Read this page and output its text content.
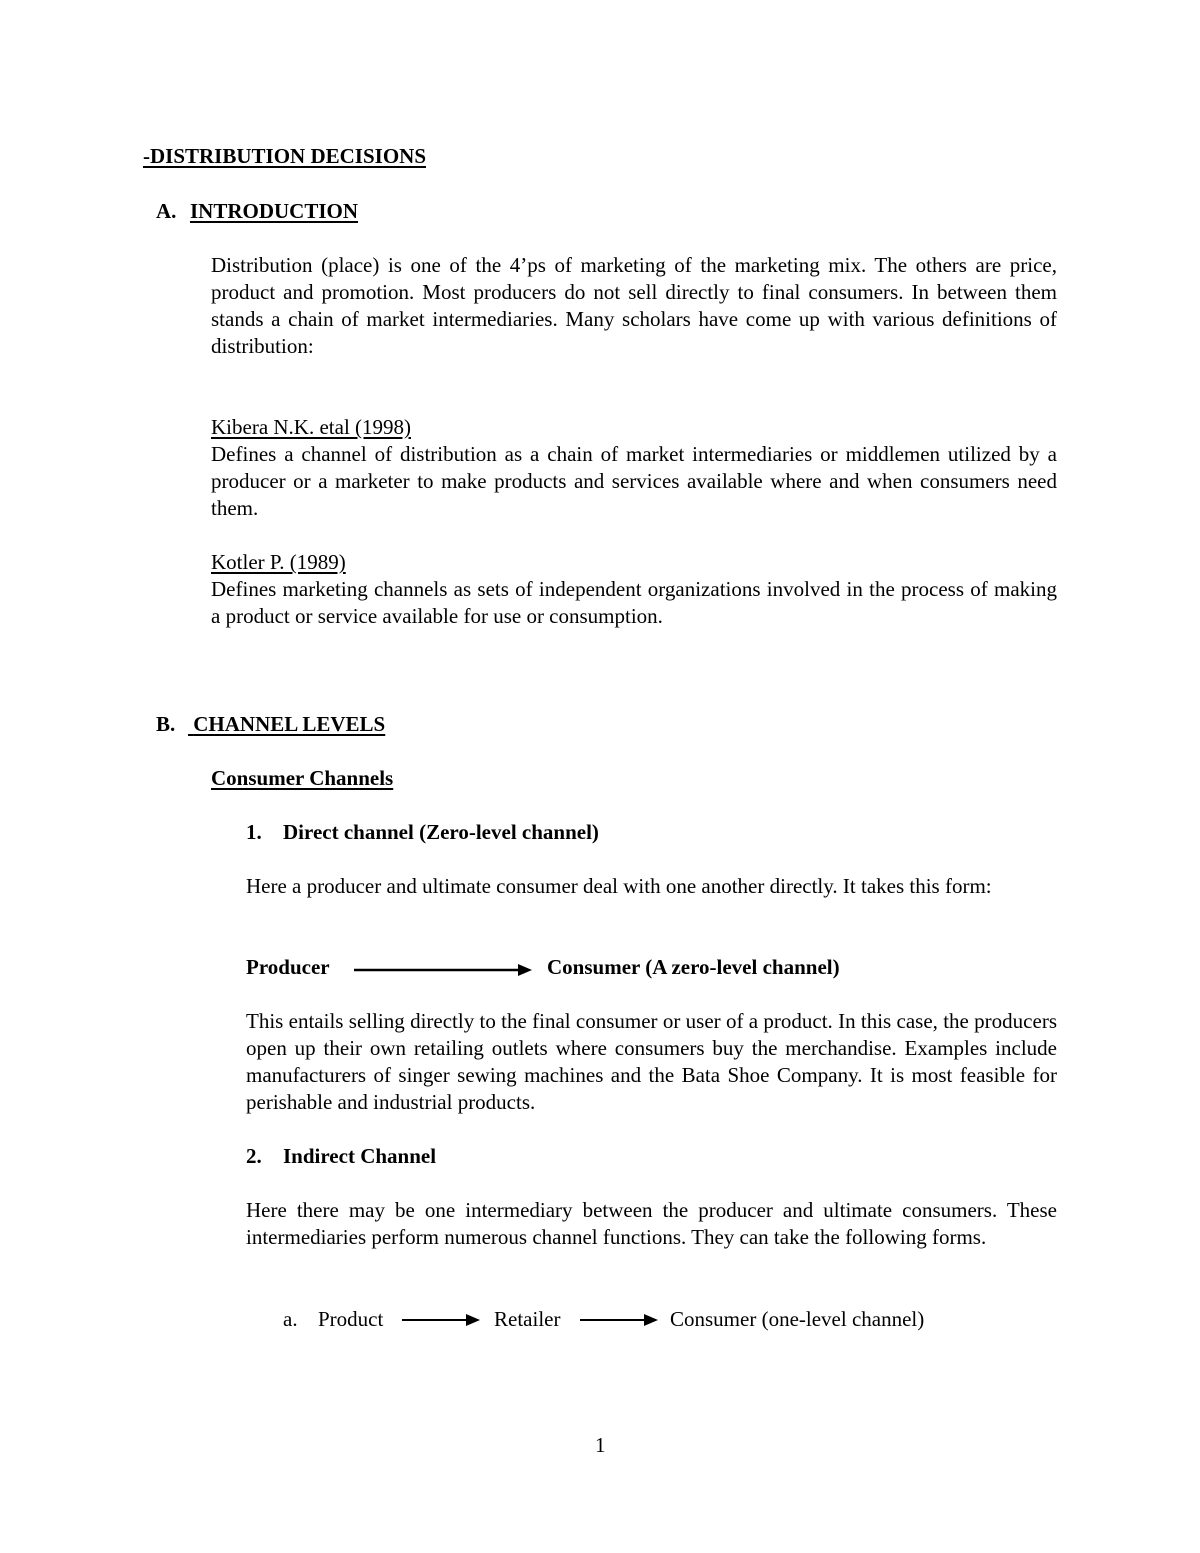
-DISTRIBUTION DECISIONS
A. INTRODUCTION

Distribution (place) is one of the 4’ps of marketing of the marketing mix. The others are price, product and promotion. Most producers do not sell directly to final consumers. In between them stands a chain of market intermediaries. Many scholars have come up with various definitions of distribution:

Kibera N.K. etal (1998)

Defines a channel of distribution as a chain of market intermediaries or middlemen utilized by a producer or a marketer to make products and services available where and when consumers need them.

Kotler P. (1989)

Defines marketing channels as sets of independent organizations involved in the process of making a product or service available for use or consumption.

B. CHANNEL LEVELS
Consumer Channels
1. Direct channel (Zero-level channel)

Here a producer and ultimate consumer deal with one another directly. It takes this form:

Producer	Consumer (A zero-level channel)

This entails selling directly to the final consumer or user of a product. In this case, the producers open up their own retailing outlets where consumers buy the merchandise. Examples include manufacturers of singer sewing machines and the Bata Shoe Company. It is most feasible for perishable and industrial products.

2. Indirect Channel

Here there may be one intermediary between the producer and ultimate consumers. These intermediaries perform numerous channel functions. They can take the following forms.

a. Product	Retailer	Consumer (one-level channel)
1
